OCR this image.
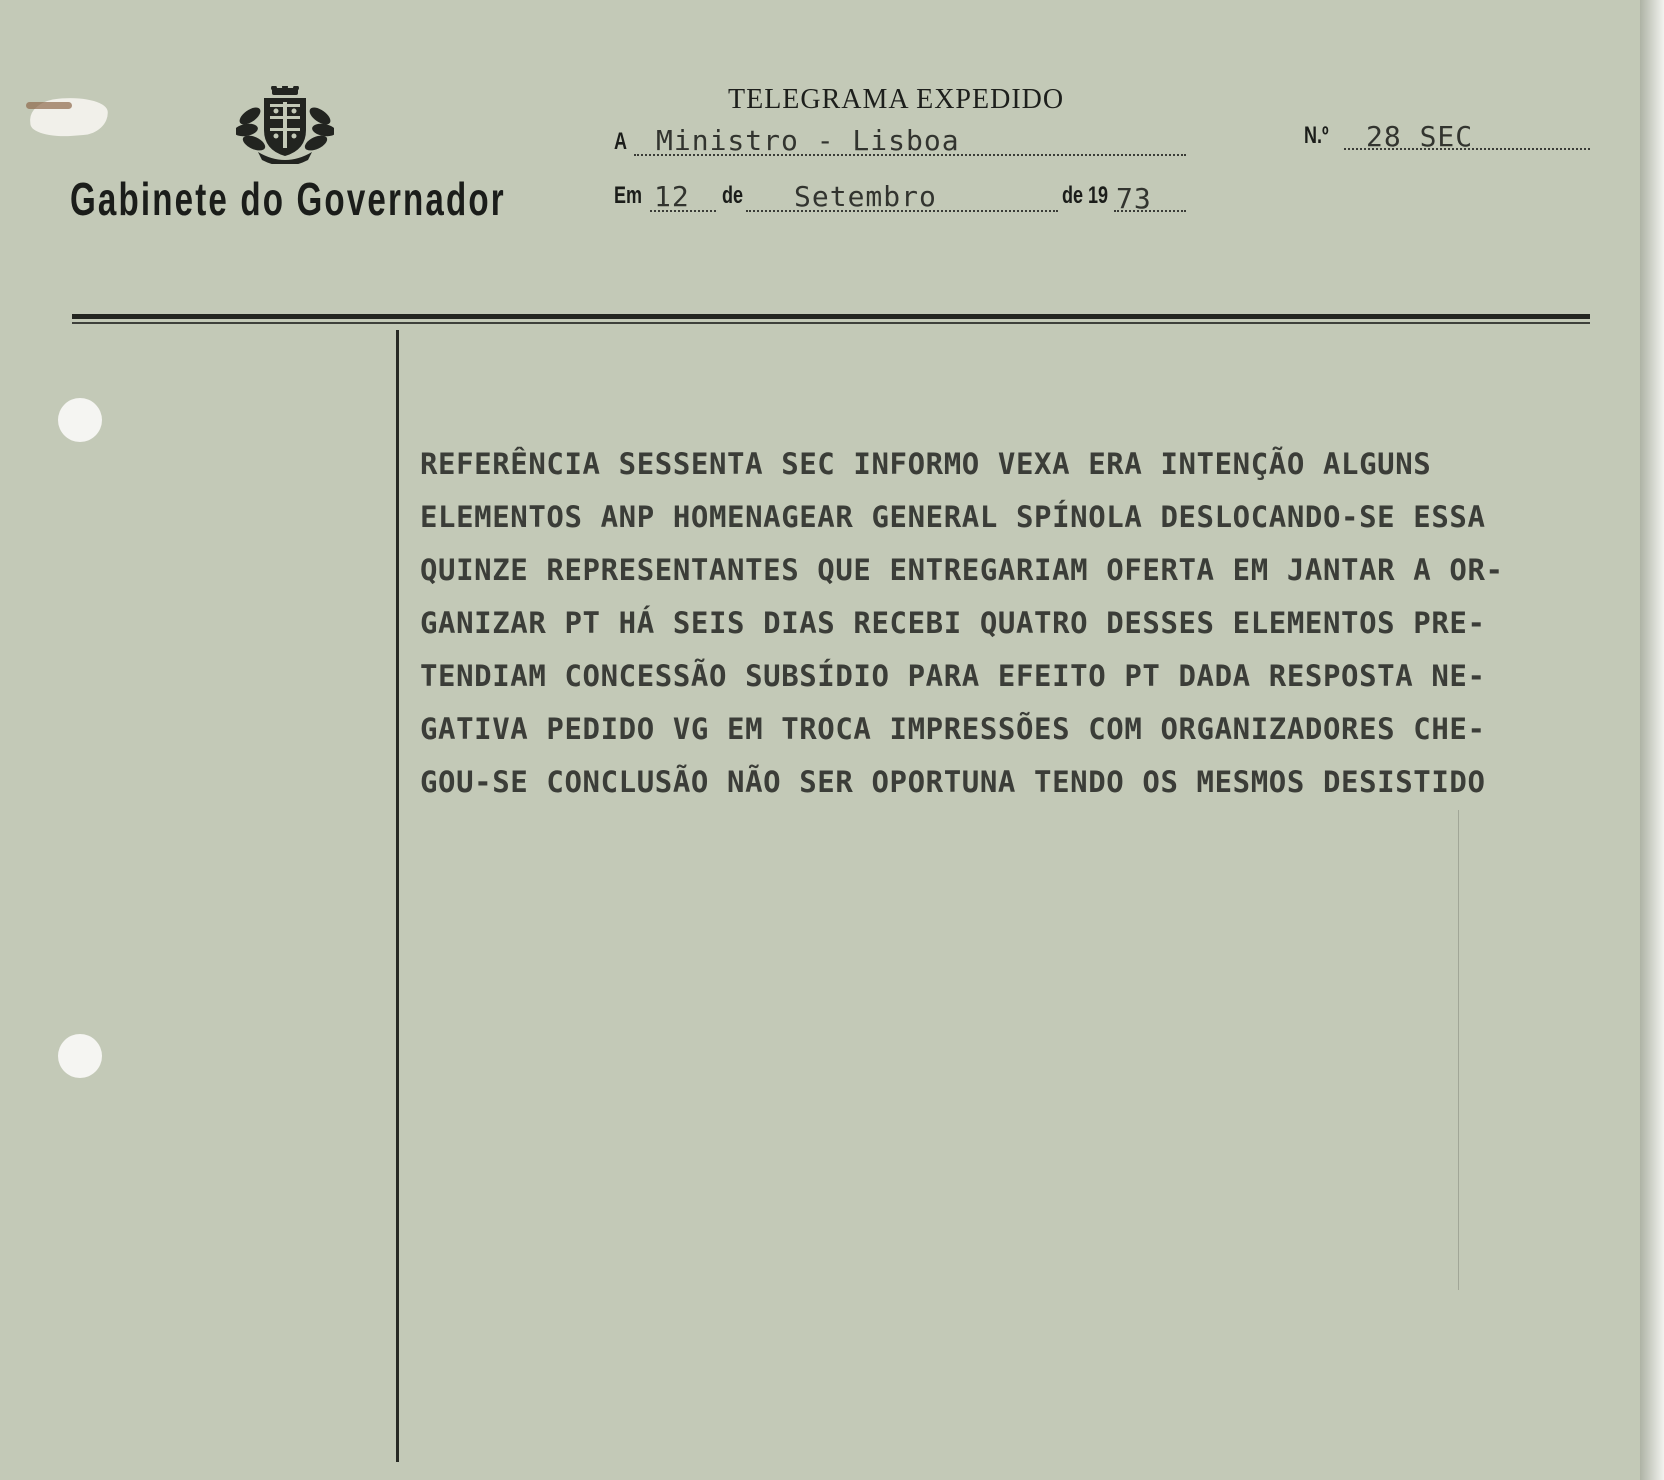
Gabinete do Governador
TELEGRAMA EXPEDIDO
A Ministro - Lisboa	N.º 28 SEC
Em 12 de Setembro	de 19 73
REFERÊNCIA SESSENTA SEC INFORMO VEXA ERA INTENÇÃO ALGUNS
ELEMENTOS ANP HOMENAGEAR GENERAL SPÍNOLA DESLOCANDO-SE ESSA
QUINZE REPRESENTANTES QUE ENTREGARIAM OFERTA EM JANTAR A OR-
GANIZAR PT HÁ SEIS DIAS RECEBI QUATRO DESSES ELEMENTOS PRE-
TENDIAM CONCESSÃO SUBSÍDIO PARA EFEITO PT DADA RESPOSTA NE-
GATIVA PEDIDO VG EM TROCA IMPRESSÕES COM ORGANIZADORES CHE-
GOU-SE CONCLUSÃO NÃO SER OPORTUNA TENDO OS MESMOS DESISTIDO
